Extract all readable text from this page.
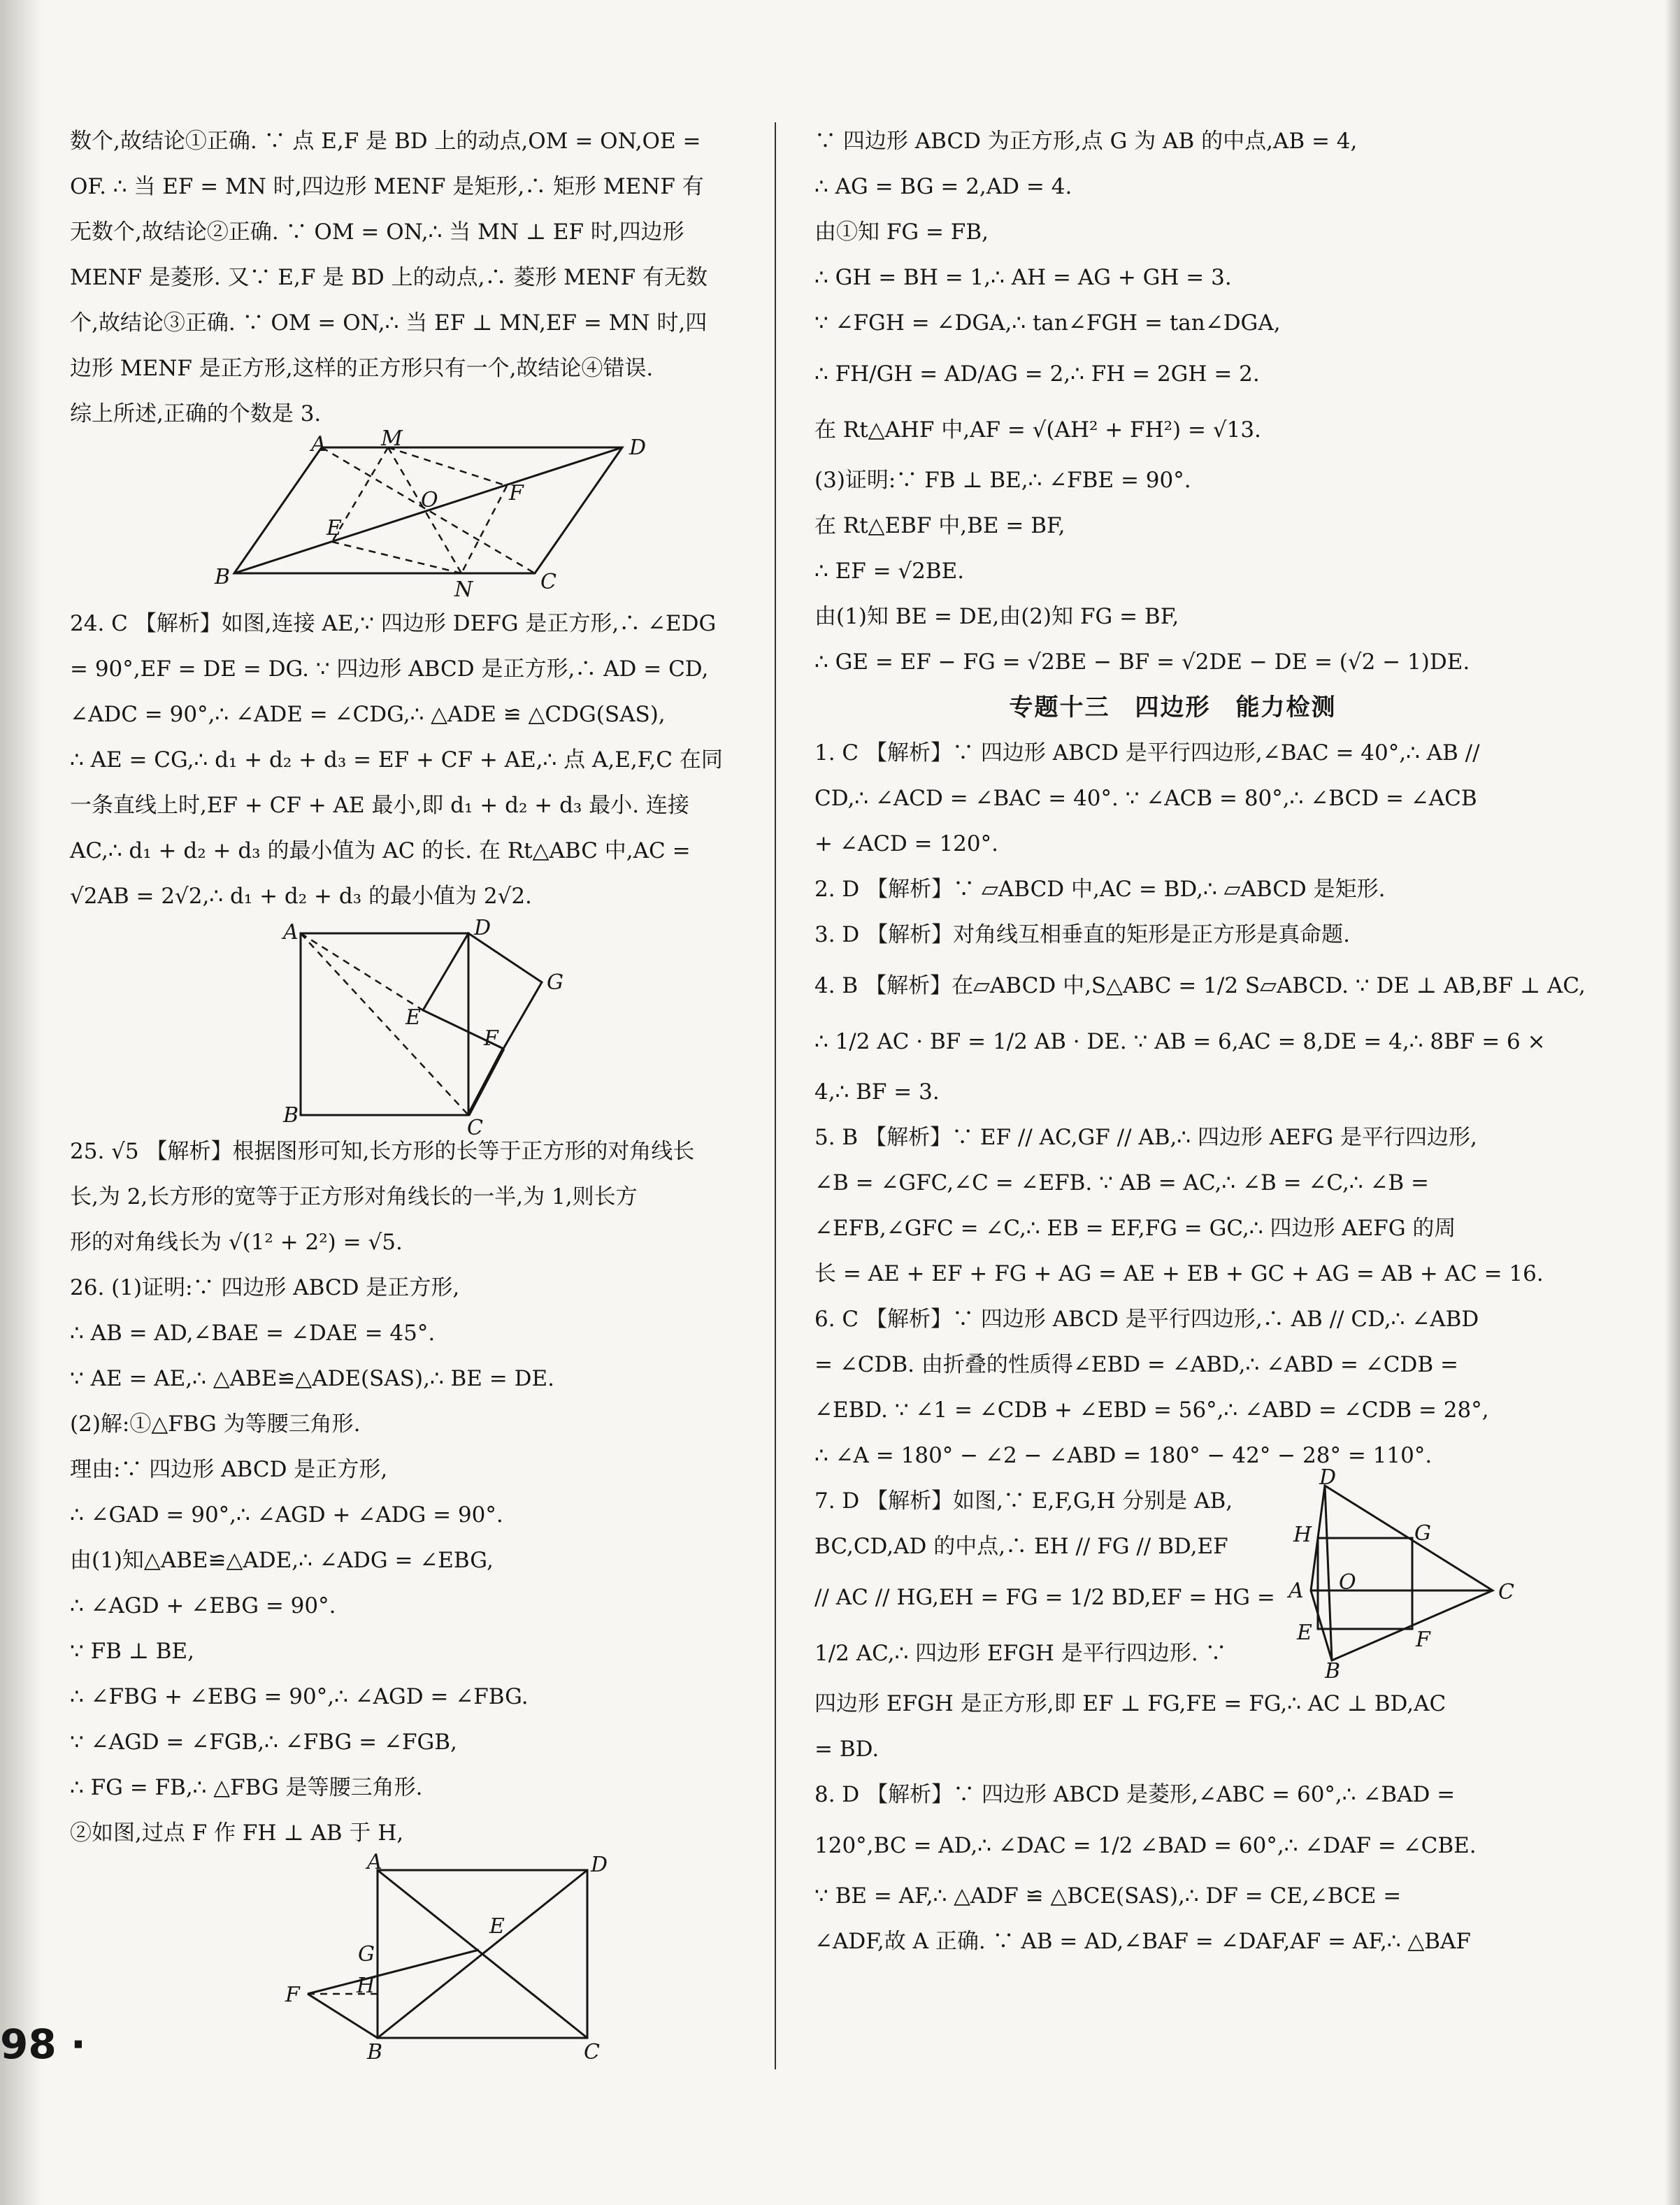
数个,故结论①正确. ∵ 点 E,F 是 BD 上的动点,OM = ON,OE =
OF. ∴ 当 EF = MN 时,四边形 MENF 是矩形,∴ 矩形 MENF 有
无数个,故结论②正确. ∵ OM = ON,∴ 当 MN ⊥ EF 时,四边形
MENF 是菱形. 又∵ E,F 是 BD 上的动点,∴ 菱形 MENF 有无数
个,故结论③正确. ∵ OM = ON,∴ 当 EF ⊥ MN,EF = MN 时,四
边形 MENF 是正方形,这样的正方形只有一个,故结论④错误.
综上所述,正确的个数是 3.
A	M	D
O	F
E
B
N	C
24. C 【解析】如图,连接 AE,∵ 四边形 DEFG 是正方形,∴ ∠EDG
= 90°,EF = DE = DG. ∵ 四边形 ABCD 是正方形,∴ AD = CD,
∠ADC = 90°,∴ ∠ADE = ∠CDG,∴ △ADE ≌ △CDG(SAS),
∴ AE = CG,∴ d₁ + d₂ + d₃ = EF + CF + AE,∴ 点 A,E,F,C 在同
一条直线上时,EF + CF + AE 最小,即 d₁ + d₂ + d₃ 最小. 连接
AC,∴ d₁ + d₂ + d₃ 的最小值为 AC 的长. 在 Rt△ABC 中,AC =
√2AB = 2√2,∴ d₁ + d₂ + d₃ 的最小值为 2√2.
A	D
G
E
F
B
C
25. √5 【解析】根据图形可知,长方形的长等于正方形的对角线长
长,为 2,长方形的宽等于正方形对角线长的一半,为 1,则长方
形的对角线长为 √(1² + 2²) = √5.
26. (1)证明:∵ 四边形 ABCD 是正方形,
∴ AB = AD,∠BAE = ∠DAE = 45°.
∵ AE = AE,∴ △ABE≌△ADE(SAS),∴ BE = DE.
(2)解:①△FBG 为等腰三角形.
理由:∵ 四边形 ABCD 是正方形,
∴ ∠GAD = 90°,∴ ∠AGD + ∠ADG = 90°.
由(1)知△ABE≌△ADE,∴ ∠ADG = ∠EBG,
∴ ∠AGD + ∠EBG = 90°.
∵ FB ⊥ BE,
∴ ∠FBG + ∠EBG = 90°,∴ ∠AGD = ∠FBG.
∵ ∠AGD = ∠FGB,∴ ∠FBG = ∠FGB,
∴ FG = FB,∴ △FBG 是等腰三角形.
②如图,过点 F 作 FH ⊥ AB 于 H,
A	D
E
G
H
F
B	C
98 ·
∵ 四边形 ABCD 为正方形,点 G 为 AB 的中点,AB = 4,
∴ AG = BG = 2,AD = 4.
由①知 FG = FB,
∴ GH = BH = 1,∴ AH = AG + GH = 3.
∵ ∠FGH = ∠DGA,∴ tan∠FGH = tan∠DGA,
∴ FH/GH = AD/AG = 2,∴ FH = 2GH = 2.
在 Rt△AHF 中,AF = √(AH² + FH²) = √13.
(3)证明:∵ FB ⊥ BE,∴ ∠FBE = 90°.
在 Rt△EBF 中,BE = BF,
∴ EF = √2BE.
由(1)知 BE = DE,由(2)知 FG = BF,
∴ GE = EF − FG = √2BE − BF = √2DE − DE = (√2 − 1)DE.
专题十三　四边形　能力检测
1. C 【解析】∵ 四边形 ABCD 是平行四边形,∠BAC = 40°,∴ AB //
CD,∴ ∠ACD = ∠BAC = 40°. ∵ ∠ACB = 80°,∴ ∠BCD = ∠ACB
+ ∠ACD = 120°.
2. D 【解析】∵ ▱ABCD 中,AC = BD,∴ ▱ABCD 是矩形.
3. D 【解析】对角线互相垂直的矩形是正方形是真命题.
4. B 【解析】在▱ABCD 中,S△ABC = 1/2 S▱ABCD. ∵ DE ⊥ AB,BF ⊥ AC,
∴ 1/2 AC · BF = 1/2 AB · DE. ∵ AB = 6,AC = 8,DE = 4,∴ 8BF = 6 ×
4,∴ BF = 3.
5. B 【解析】∵ EF // AC,GF // AB,∴ 四边形 AEFG 是平行四边形,
∠B = ∠GFC,∠C = ∠EFB. ∵ AB = AC,∴ ∠B = ∠C,∴ ∠B =
∠EFB,∠GFC = ∠C,∴ EB = EF,FG = GC,∴ 四边形 AEFG 的周
长 = AE + EF + FG + AG = AE + EB + GC + AG = AB + AC = 16.
6. C 【解析】∵ 四边形 ABCD 是平行四边形,∴ AB // CD,∴ ∠ABD
= ∠CDB. 由折叠的性质得∠EBD = ∠ABD,∴ ∠ABD = ∠CDB =
∠EBD. ∵ ∠1 = ∠CDB + ∠EBD = 56°,∴ ∠ABD = ∠CDB = 28°,
∴ ∠A = 180° − ∠2 − ∠ABD = 180° − 42° − 28° = 110°.
7. D 【解析】如图,∵ E,F,G,H 分别是 AB,
BC,CD,AD 的中点,∴ EH // FG // BD,EF
// AC // HG,EH = FG = 1/2 BD,EF = HG =
1/2 AC,∴ 四边形 EFGH 是平行四边形. ∵
四边形 EFGH 是正方形,即 EF ⊥ FG,FE = FG,∴ AC ⊥ BD,AC
= BD.
D
H	G
A O	C
E	F
B
8. D 【解析】∵ 四边形 ABCD 是菱形,∠ABC = 60°,∴ ∠BAD =
120°,BC = AD,∴ ∠DAC = 1/2 ∠BAD = 60°,∴ ∠DAF = ∠CBE.
∵ BE = AF,∴ △ADF ≌ △BCE(SAS),∴ DF = CE,∠BCE =
∠ADF,故 A 正确. ∵ AB = AD,∠BAF = ∠DAF,AF = AF,∴ △BAF
